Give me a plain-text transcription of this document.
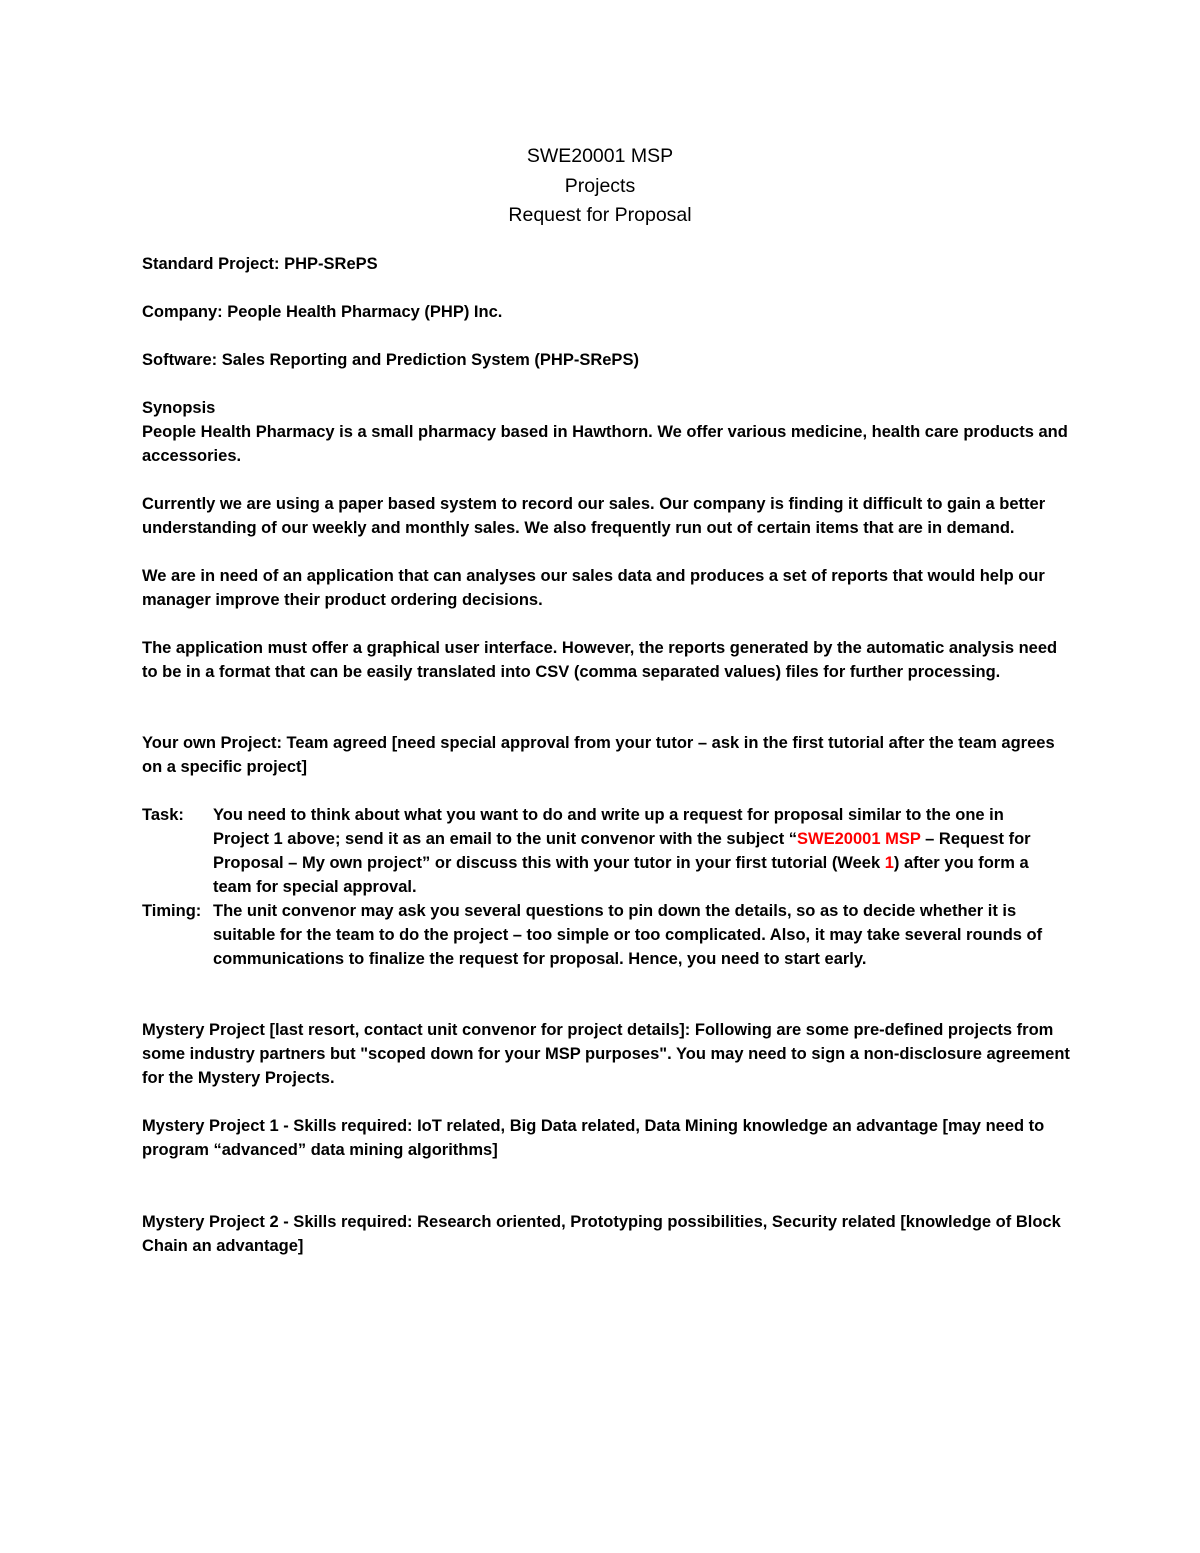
SWE20001 MSP
Projects
Request for Proposal

Standard Project: PHP-SRePS

Company: People Health Pharmacy (PHP) Inc.

Software: Sales Reporting and Prediction System (PHP-SRePS)

Synopsis

People Health Pharmacy is a small pharmacy based in Hawthorn. We offer various medicine, health care products and accessories.

Currently we are using a paper based system to record our sales. Our company is finding it difficult to gain a better understanding of our weekly and monthly sales. We also frequently run out of certain items that are in demand.

We are in need of an application that can analyses our sales data and produces a set of reports that would help our manager improve their product ordering decisions.

The application must offer a graphical user interface. However, the reports generated by the automatic analysis need to be in a format that can be easily translated into CSV (comma separated values) files for further processing.

Your own Project: Team agreed [need special approval from your tutor – ask in the first tutorial after the team agrees on a specific project]

Task:	You need to think about what you want to do and write up a request for proposal similar to the one in Project 1 above; send it as an email to the unit convenor with the subject “SWE20001 MSP – Request for Proposal – My own project” or discuss this with your tutor in your first tutorial (Week 1) after you form a team for special approval.
Timing: The unit convenor may ask you several questions to pin down the details, so as to decide whether it is suitable for the team to do the project – too simple or too complicated. Also, it may take several rounds of communications to finalize the request for proposal. Hence, you need to start early.

Mystery Project [last resort, contact unit convenor for project details]: Following are some pre-defined projects from some industry partners but "scoped down for your MSP purposes". You may need to sign a non-disclosure agreement for the Mystery Projects.

Mystery Project 1 - Skills required: IoT related, Big Data related, Data Mining knowledge an advantage [may need to program “advanced” data mining algorithms]

Mystery Project 2 - Skills required: Research oriented, Prototyping possibilities, Security related [knowledge of Block Chain an advantage]
